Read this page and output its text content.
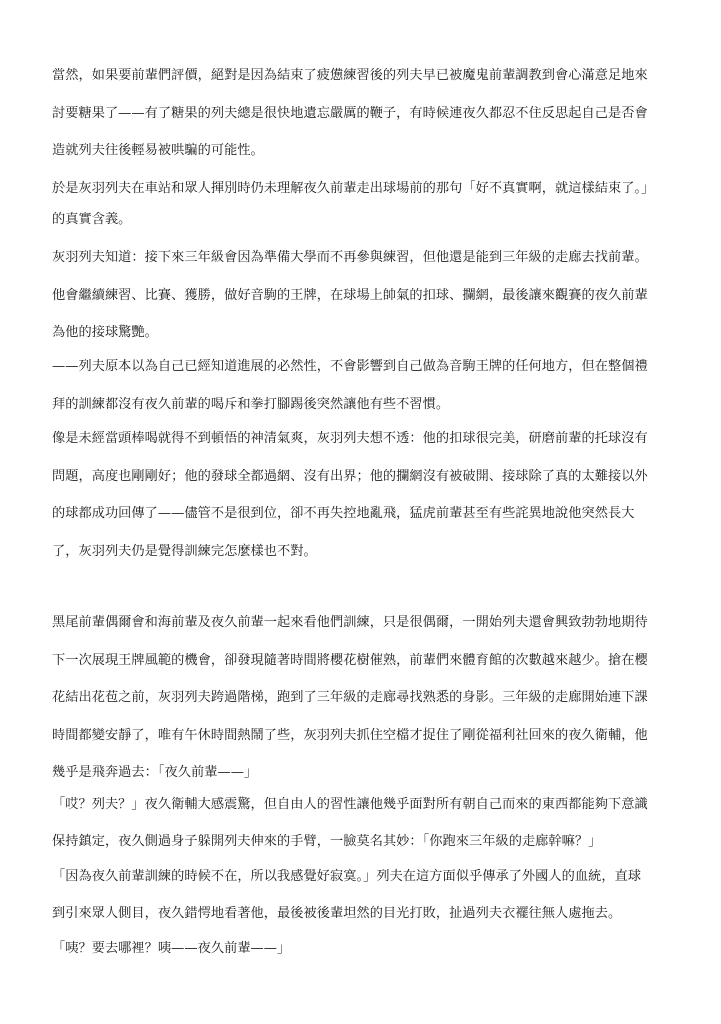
當然，如果要前輩們評價，絕對是因為結束了疲憊練習後的列夫早已被魔鬼前輩調教到會心滿意足地來
討要糖果了——有了糖果的列夫總是很快地遺忘嚴厲的鞭子，有時候連夜久都忍不住反思起自己是否會
造就列夫往後輕易被哄騙的可能性。
於是灰羽列夫在車站和眾人揮別時仍未理解夜久前輩走出球場前的那句「好不真實啊，就這樣結束了。」
的真實含義。
灰羽列夫知道：接下來三年級會因為準備大學而不再參與練習，但他還是能到三年級的走廊去找前輩。
他會繼續練習、比賽、獲勝，做好音駒的王牌，在球場上帥氣的扣球、攔網，最後讓來觀賽的夜久前輩
為他的接球驚艷。
——列夫原本以為自己已經知道進展的必然性，不會影響到自己做為音駒王牌的任何地方，但在整個禮
拜的訓練都沒有夜久前輩的喝斥和拳打腳踢後突然讓他有些不習慣。
像是未經當頭棒喝就得不到頓悟的神清氣爽，灰羽列夫想不透：他的扣球很完美，研磨前輩的托球沒有
問題，高度也剛剛好；他的發球全都過網、沒有出界；他的攔網沒有被破開、接球除了真的太難接以外
的球都成功回傳了——儘管不是很到位，卻不再失控地亂飛，猛虎前輩甚至有些詫異地說他突然長大
了，灰羽列夫仍是覺得訓練完怎麼樣也不對。
黑尾前輩偶爾會和海前輩及夜久前輩一起來看他們訓練，只是很偶爾，一開始列夫還會興致勃勃地期待
下一次展現王牌風範的機會，卻發現隨著時間將櫻花樹催熟，前輩們來體育館的次數越來越少。搶在櫻
花結出花苞之前，灰羽列夫跨過階梯，跑到了三年級的走廊尋找熟悉的身影。三年級的走廊開始連下課
時間都變安靜了，唯有午休時間熱鬧了些，灰羽列夫抓住空檔才捉住了剛從福利社回來的夜久衛輔，他
幾乎是飛奔過去：「夜久前輩——」
「哎？列夫？」夜久衛輔大感震驚，但自由人的習性讓他幾乎面對所有朝自己而來的東西都能夠下意識
保持鎮定，夜久側過身子躲開列夫伸來的手臂，一臉莫名其妙：「你跑來三年級的走廊幹嘛？」
「因為夜久前輩訓練的時候不在，所以我感覺好寂寞。」列夫在這方面似乎傳承了外國人的血統，直球
到引來眾人側目，夜久錯愕地看著他，最後被後輩坦然的目光打敗，扯過列夫衣襬往無人處拖去。
「咦？要去哪裡？咦——夜久前輩——」
